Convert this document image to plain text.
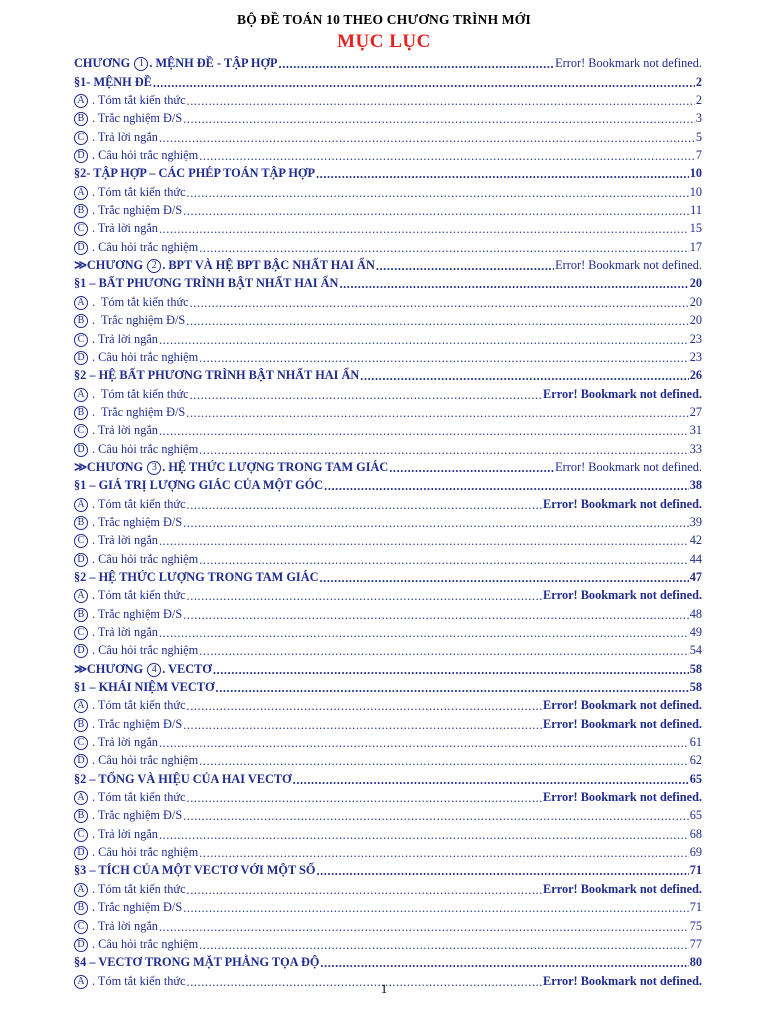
BỘ ĐỀ TOÁN 10 THEO CHƯƠNG TRÌNH MỚI
MỤC LỤC
CHƯƠNG 1 . MỆNH ĐỀ - TẬP HỢP .....	Error! Bookmark not defined.
§1- MỆNH ĐỀ .....	2
A . Tóm tắt kiến thức .....	2
B . Trắc nghiệm Đ/S .....	3
C . Trả lời ngắn .....	5
D . Câu hỏi trắc nghiệm .....	7
§2- TẬP HỢP – CÁC PHÉP TOÁN TẬP HỢP .....	10
A . Tóm tắt kiến thức .....	10
B . Trắc nghiệm Đ/S .....	11
C . Trả lời ngắn .....	15
D . Câu hỏi trắc nghiệm .....	17
≫CHƯƠNG 2 . BPT VÀ HỆ BPT BẬC NHẤT HAI ẨN .....	Error! Bookmark not defined.
§1 – BẤT PHƯƠNG TRÌNH BẬT NHẤT HAI ẨN .....	20
A .  Tóm tắt kiến thức .....	20
B .  Trắc nghiệm Đ/S .....	20
C . Trả lời ngắn .....	23
D . Câu hỏi trắc nghiệm .....	23
§2 – HỆ BẤT PHƯƠNG TRÌNH BẬT NHẤT HAI ẨN .....	26
A .  Tóm tắt kiến thức .....	Error! Bookmark not defined.
B .  Trắc nghiệm Đ/S .....	27
C . Trả lời ngắn .....	31
D . Câu hỏi trắc nghiệm .....	33
≫CHƯƠNG 3 . HỆ THỨC LƯỢNG TRONG TAM GIÁC .....	Error! Bookmark not defined.
§1 – GIÁ TRỊ LƯỢNG GIÁC CỦA MỘT GÓC .....	38
A . Tóm tắt kiến thức .....	Error! Bookmark not defined.
B . Trắc nghiệm Đ/S .....	39
C . Trả lời ngắn .....	42
D . Câu hỏi trắc nghiệm .....	44
§2 – HỆ THỨC LƯỢNG TRONG TAM GIÁC .....	47
A . Tóm tắt kiến thức .....	Error! Bookmark not defined.
B . Trắc nghiệm Đ/S .....	48
C . Trả lời ngắn .....	49
D . Câu hỏi trắc nghiệm .....	54
≫CHƯƠNG 4 . VECTƠ .....	58
§1 – KHÁI NIỆM VECTƠ .....	58
A . Tóm tắt kiến thức .....	Error! Bookmark not defined.
B . Trắc nghiệm Đ/S .....	Error! Bookmark not defined.
C . Trả lời ngắn .....	61
D . Câu hỏi trắc nghiệm .....	62
§2 – TỔNG VÀ HIỆU CỦA HAI VECTƠ .....	65
A . Tóm tắt kiến thức .....	Error! Bookmark not defined.
B . Trắc nghiệm Đ/S .....	65
C . Trả lời ngắn .....	68
D . Câu hỏi trắc nghiệm .....	69
§3 – TÍCH CỦA MỘT VECTƠ VỚI MỘT SỐ .....	71
A . Tóm tắt kiến thức .....	Error! Bookmark not defined.
B . Trắc nghiệm Đ/S .....	71
C . Trả lời ngắn .....	75
D . Câu hỏi trắc nghiệm .....	77
§4 – VECTƠ TRONG MẶT PHẲNG TỌA ĐỘ .....	80
A . Tóm tắt kiến thức .....	Error! Bookmark not defined.
1
